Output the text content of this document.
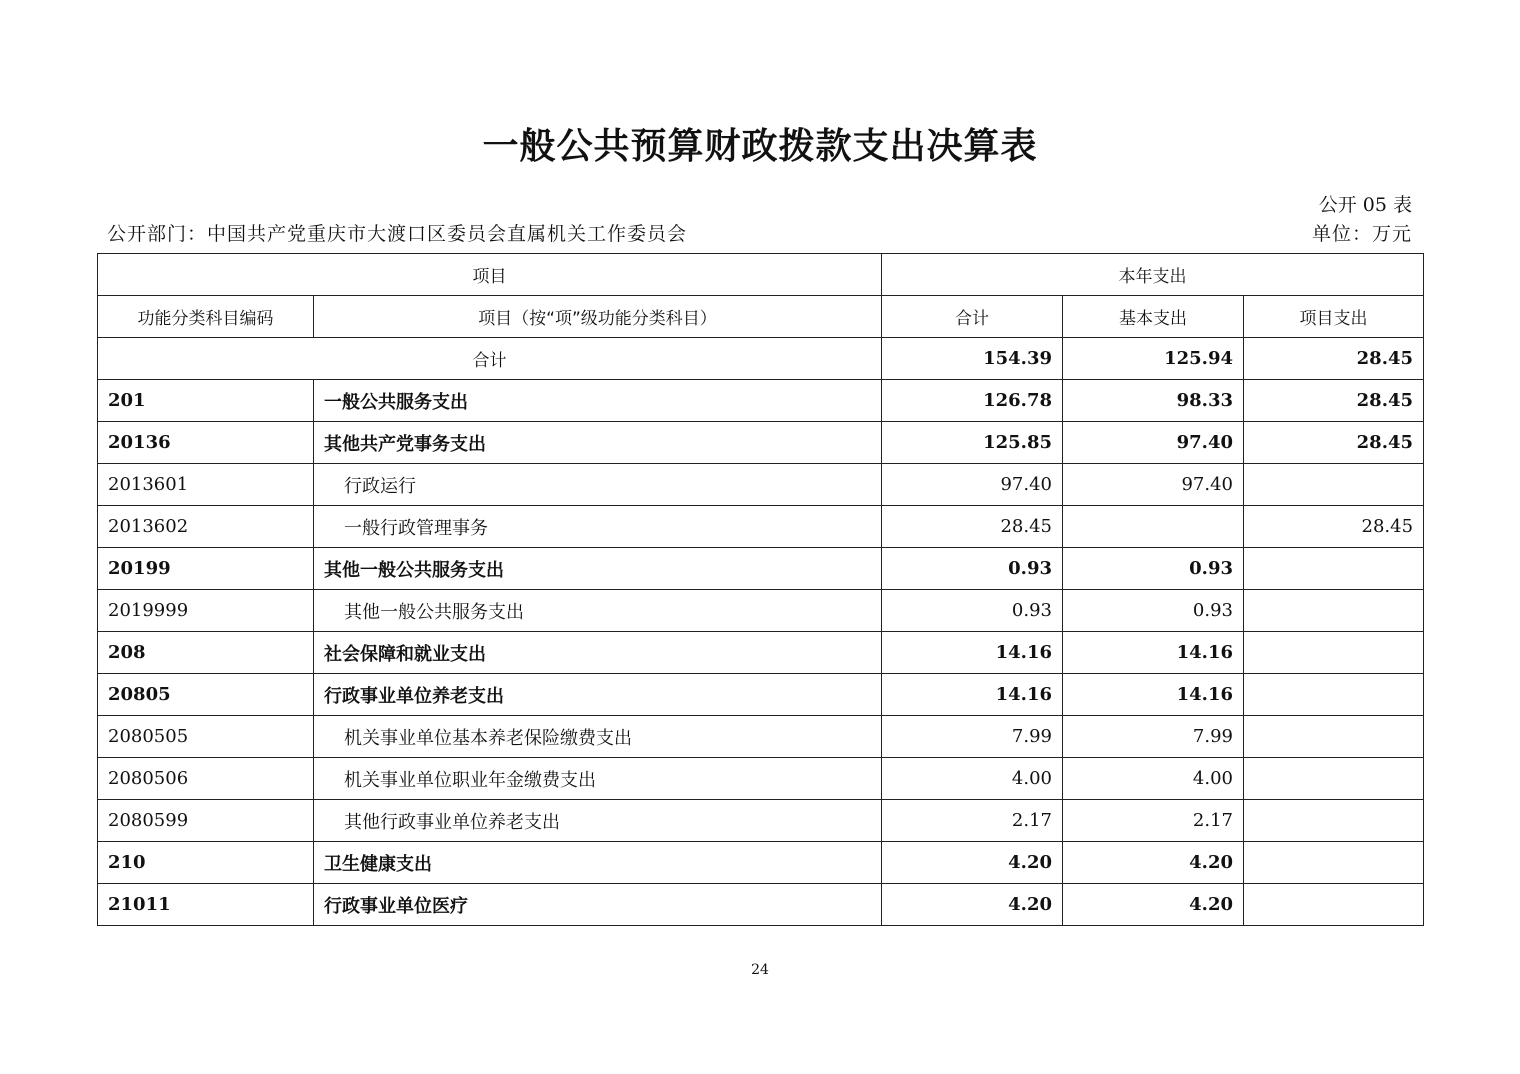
一般公共预算财政拨款支出决算表
公开 05 表
公开部门：中国共产党重庆市大渡口区委员会直属机关工作委员会	单位：万元
项目		本年支出		
功能分类科目编码	项目（按“项”级功能分类科目）	合计	基本支出	项目支出
合计		154.39	125.94	28.45
201	一般公共服务支出	126.78	98.33	28.45
20136	其他共产党事务支出	125.85	97.40	28.45
2013601	行政运行	97.40	97.40	
2013602	一般行政管理事务	28.45		28.45
20199	其他一般公共服务支出	0.93	0.93	
2019999	其他一般公共服务支出	0.93	0.93	
208	社会保障和就业支出	14.16	14.16	
20805	行政事业单位养老支出	14.16	14.16	
2080505	机关事业单位基本养老保险缴费支出	7.99	7.99	
2080506	机关事业单位职业年金缴费支出	4.00	4.00	
2080599	其他行政事业单位养老支出	2.17	2.17	
210	卫生健康支出	4.20	4.20	
21011	行政事业单位医疗	4.20	4.20	
24
